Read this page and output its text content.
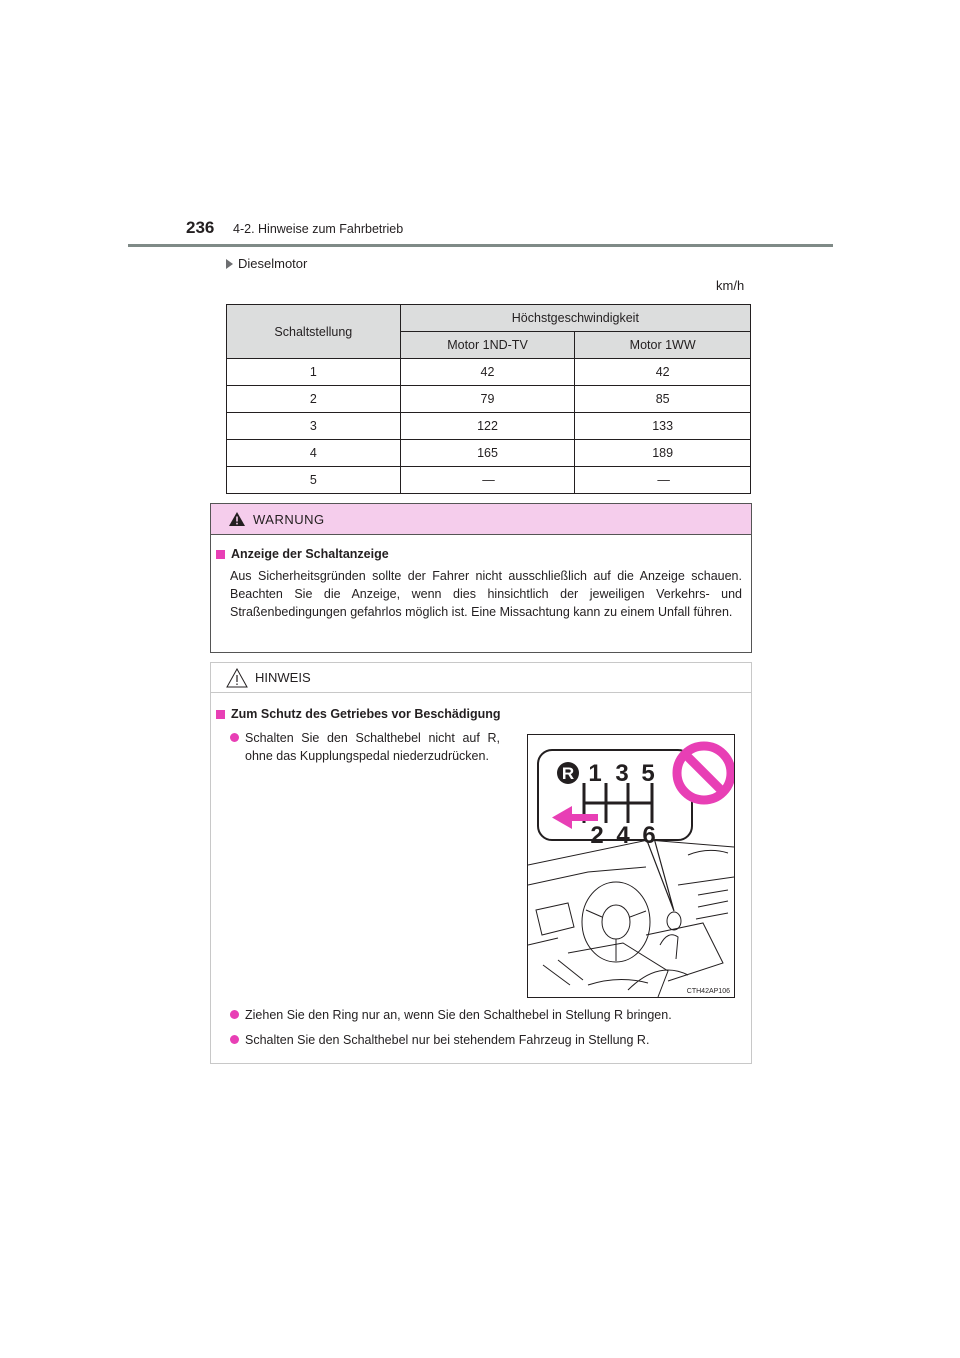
236 4-2. Hinweise zum Fahrbetrieb
Dieselmotor
km/h
Schaltstellung	Höchstgeschwindigkeit	
	Motor 1ND-TV	Motor 1WW
1	42	42
2	79	85
3	122	133
4	165	189
5	—	—
WARNUNG
Anzeige der Schaltanzeige

Aus Sicherheitsgründen sollte der Fahrer nicht ausschließlich auf die Anzeige schauen. Beachten Sie die Anzeige, wenn dies hinsichtlich der jeweiligen Verkehrs- und Straßenbedingungen gefahrlos möglich ist. Eine Missachtung kann zu einem Unfall führen.

HINWEIS
Zum Schutz des Getriebes vor Beschädigung
Schalten Sie den Schalthebel nicht auf R, ohne das Kupplungspedal niederzudrücken.
R 1 3 5
2 4 6
CTH42AP106
Ziehen Sie den Ring nur an, wenn Sie den Schalthebel in Stellung R bringen.
Schalten Sie den Schalthebel nur bei stehendem Fahrzeug in Stellung R.
